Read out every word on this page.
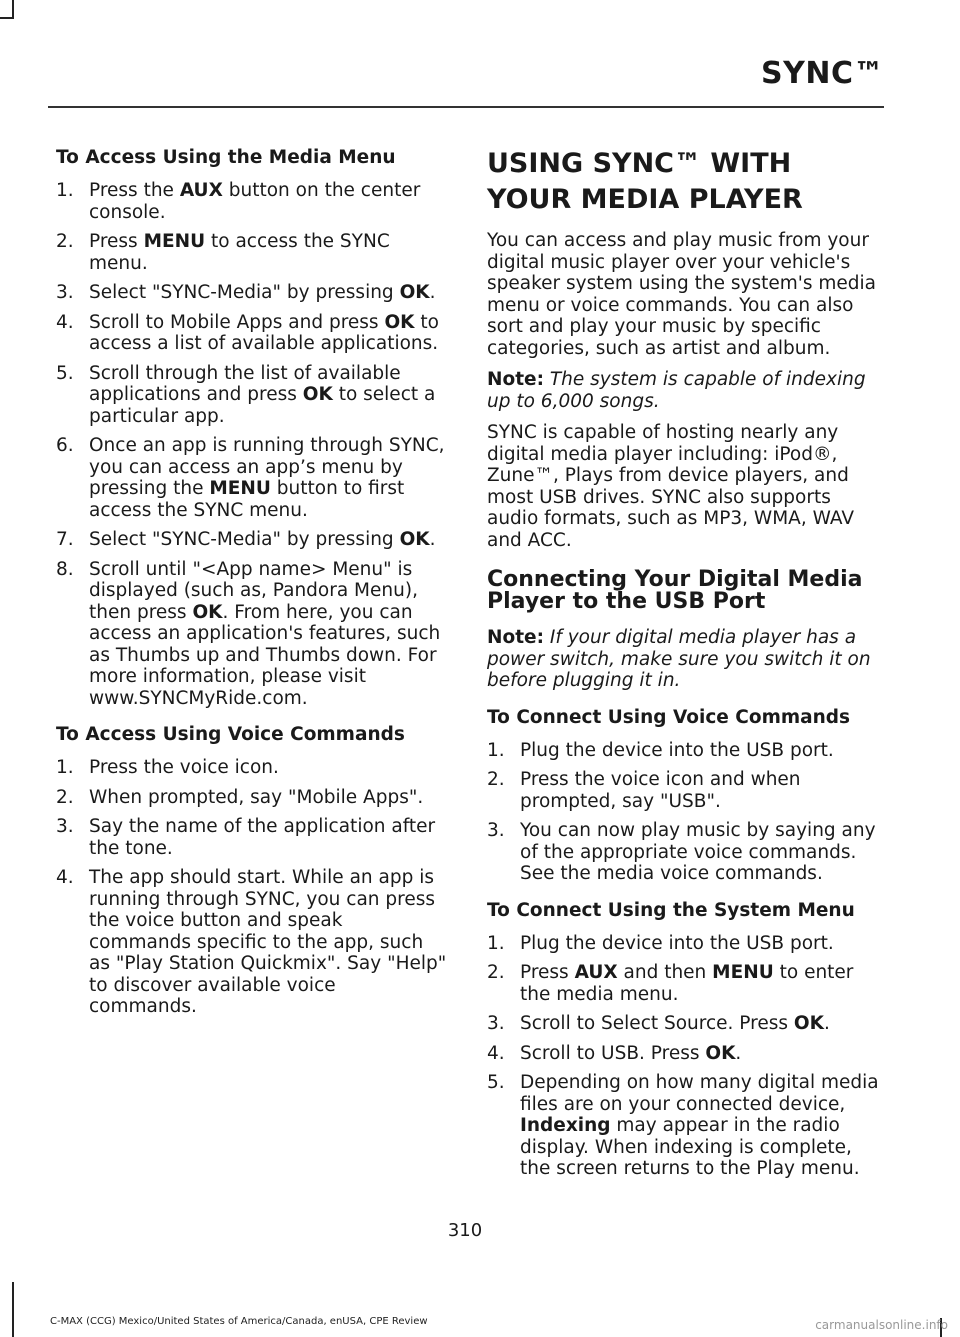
SYNC™
To Access Using the Media Menu
1. Press the AUX button on the center console.
2. Press MENU to access the SYNC menu.
3. Select "SYNC-Media" by pressing OK.
4. Scroll to Mobile Apps and press OK to access a list of available applications.
5. Scroll through the list of available applications and press OK to select a particular app.
6. Once an app is running through SYNC, you can access an app’s menu by pressing the MENU button to first access the SYNC menu.
7. Select "SYNC-Media" by pressing OK.
8. Scroll until "<App name> Menu" is displayed (such as, Pandora Menu), then press OK. From here, you can access an application's features, such as Thumbs up and Thumbs down. For more information, please visit www.SYNCMyRide.com.
To Access Using Voice Commands
1. Press the voice icon.
2. When prompted, say "Mobile Apps".
3. Say the name of the application after the tone.
4. The app should start. While an app is running through SYNC, you can press the voice button and speak commands specific to the app, such as "Play Station Quickmix". Say "Help" to discover available voice commands.
USING SYNC™ WITH YOUR MEDIA PLAYER

You can access and play music from your digital music player over your vehicle's speaker system using the system's media menu or voice commands. You can also sort and play your music by specific categories, such as artist and album.

Note: The system is capable of indexing up to 6,000 songs.

SYNC is capable of hosting nearly any digital media player including: iPod®, Zune™, Plays from device players, and most USB drives. SYNC also supports audio formats, such as MP3, WMA, WAV and ACC.

Connecting Your Digital Media Player to the USB Port

Note: If your digital media player has a power switch, make sure you switch it on before plugging it in.

To Connect Using Voice Commands
1. Plug the device into the USB port.
2. Press the voice icon and when prompted, say "USB".
3. You can now play music by saying any of the appropriate voice commands. See the media voice commands.
To Connect Using the System Menu
1. Plug the device into the USB port.
2. Press AUX and then MENU to enter the media menu.
3. Scroll to Select Source. Press OK.
4. Scroll to USB. Press OK.
5. Depending on how many digital media files are on your connected device, Indexing may appear in the radio display. When indexing is complete, the screen returns to the Play menu.
310
C-MAX (CCG) Mexico/United States of America/Canada, enUSA, CPE Review	carmanualsonline.info
